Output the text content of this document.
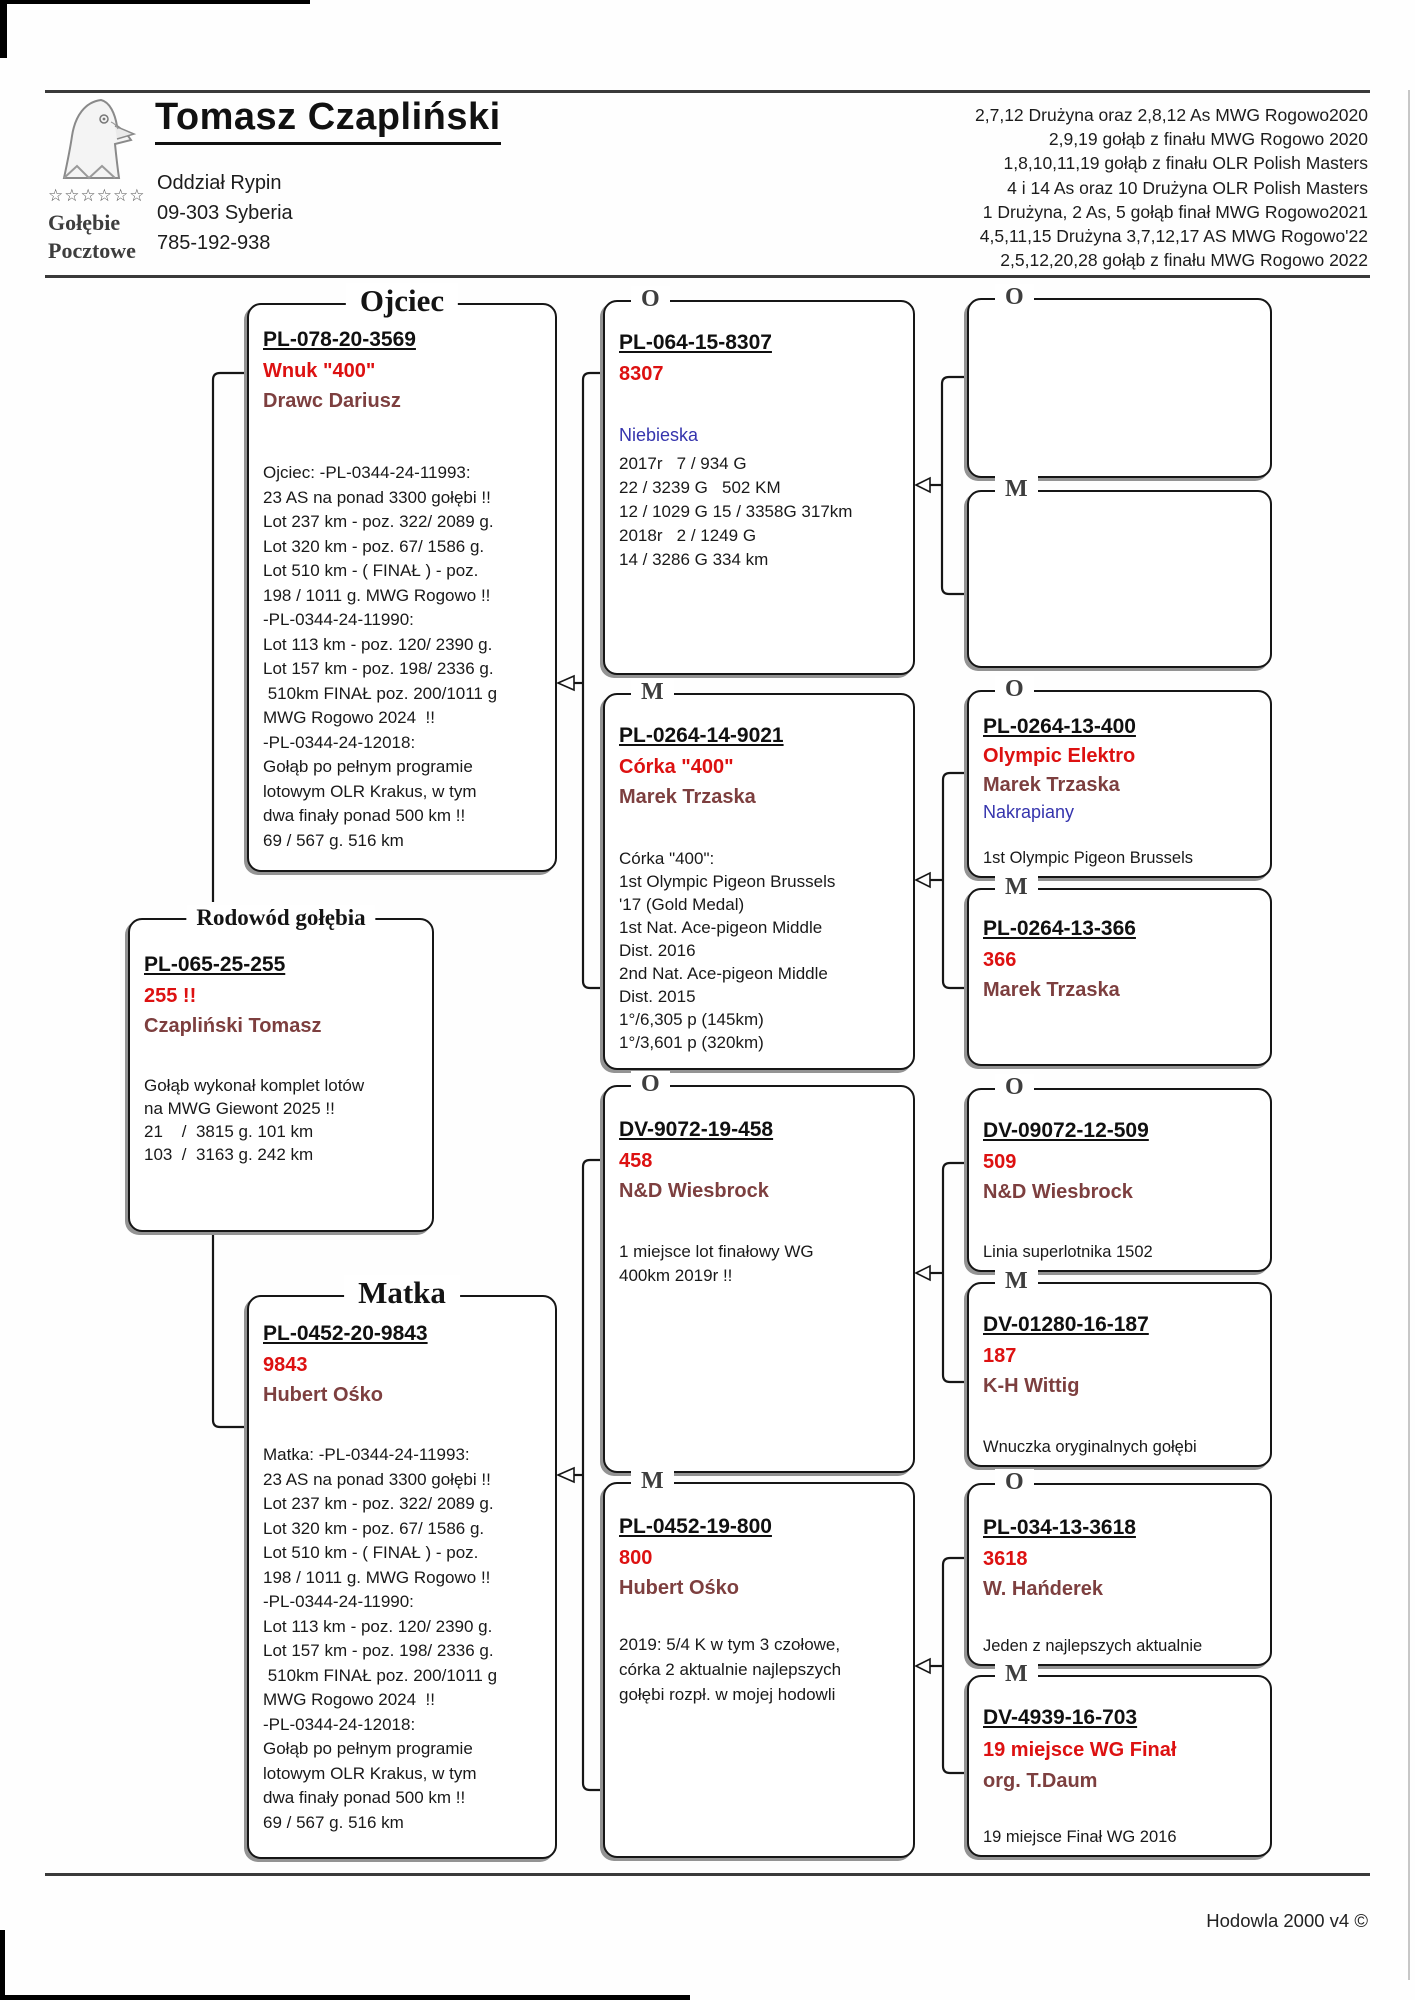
☆☆☆☆☆☆
Gołębie
Pocztowe
Tomasz Czapliński
Oddział Rypin
09-303 Syberia
785-192-938
2,7,12 Drużyna oraz 2,8,12 As MWG Rogowo2020
2,9,19 gołąb z finału MWG Rogowo 2020
1,8,10,11,19 gołąb z finału OLR Polish Masters
4 i 14 As oraz 10 Drużyna OLR Polish Masters
1 Drużyna, 2 As, 5 gołąb finał MWG Rogowo2021
4,5,11,15 Drużyna 3,7,12,17 AS MWG Rogowo'22
2,5,12,20,28 gołąb z finału MWG Rogowo 2022
Ojciec
PL-078-20-3569
Wnuk "400"
Drawc Dariusz
Ojciec: -PL-0344-24-11993:
23 AS na ponad 3300 gołębi !!
Lot 237 km - poz. 322/ 2089 g.
Lot 320 km - poz. 67/ 1586 g.
Lot 510 km - ( FINAŁ ) - poz.
198 / 1011 g. MWG Rogowo !!
-PL-0344-24-11990:
Lot 113 km - poz. 120/ 2390 g.
Lot 157 km - poz. 198/ 2336 g.
510km FINAŁ poz. 200/1011 g
MWG Rogowo 2024  !!
-PL-0344-24-12018:
Gołąb po pełnym programie
lotowym OLR Krakus, w tym
dwa finały ponad 500 km !!
69 / 567 g. 516 km
Rodowód gołębia
PL-065-25-255
255 !!
Czapliński Tomasz
Gołąb wykonał komplet lotów
na MWG Giewont 2025 !!
21    /  3815 g. 101 km
103  /  3163 g. 242 km
Matka
PL-0452-20-9843
9843
Hubert Ośko
Matka: -PL-0344-24-11993:
23 AS na ponad 3300 gołębi !!
Lot 237 km - poz. 322/ 2089 g.
Lot 320 km - poz. 67/ 1586 g.
Lot 510 km - ( FINAŁ ) - poz.
198 / 1011 g. MWG Rogowo !!
-PL-0344-24-11990:
Lot 113 km - poz. 120/ 2390 g.
Lot 157 km - poz. 198/ 2336 g.
510km FINAŁ poz. 200/1011 g
MWG Rogowo 2024  !!
-PL-0344-24-12018:
Gołąb po pełnym programie
lotowym OLR Krakus, w tym
dwa finały ponad 500 km !!
69 / 567 g. 516 km
O
PL-064-15-8307
8307
Niebieska
2017r   7 / 934 G
22 / 3239 G   502 KM
12 / 1029 G 15 / 3358G 317km
2018r   2 / 1249 G
14 / 3286 G 334 km
M
PL-0264-14-9021
Córka "400"
Marek Trzaska
Córka "400":
1st Olympic Pigeon Brussels
'17 (Gold Medal)
1st Nat. Ace-pigeon Middle
Dist. 2016
2nd Nat. Ace-pigeon Middle
Dist. 2015
1°/6,305 p (145km)
1°/3,601 p (320km)
O
DV-9072-19-458
458
N&D Wiesbrock
1 miejsce lot finałowy WG
400km 2019r !!
M
PL-0452-19-800
800
Hubert Ośko
2019: 5/4 K w tym 3 czołowe,
córka 2 aktualnie najlepszych
gołębi rozpł. w mojej hodowli
O
M
O
PL-0264-13-400
Olympic Elektro
Marek Trzaska
Nakrapiany
1st Olympic Pigeon Brussels
M
PL-0264-13-366
366
Marek Trzaska
O
DV-09072-12-509
509
N&D Wiesbrock
Linia superlotnika 1502
M
DV-01280-16-187
187
K-H Wittig
Wnuczka oryginalnych gołębi
O
PL-034-13-3618
3618
W. Hańderek
Jeden z najlepszych aktualnie
M
DV-4939-16-703
19 miejsce WG Finał
org. T.Daum
19 miejsce Finał WG 2016
Hodowla 2000 v4 ©
